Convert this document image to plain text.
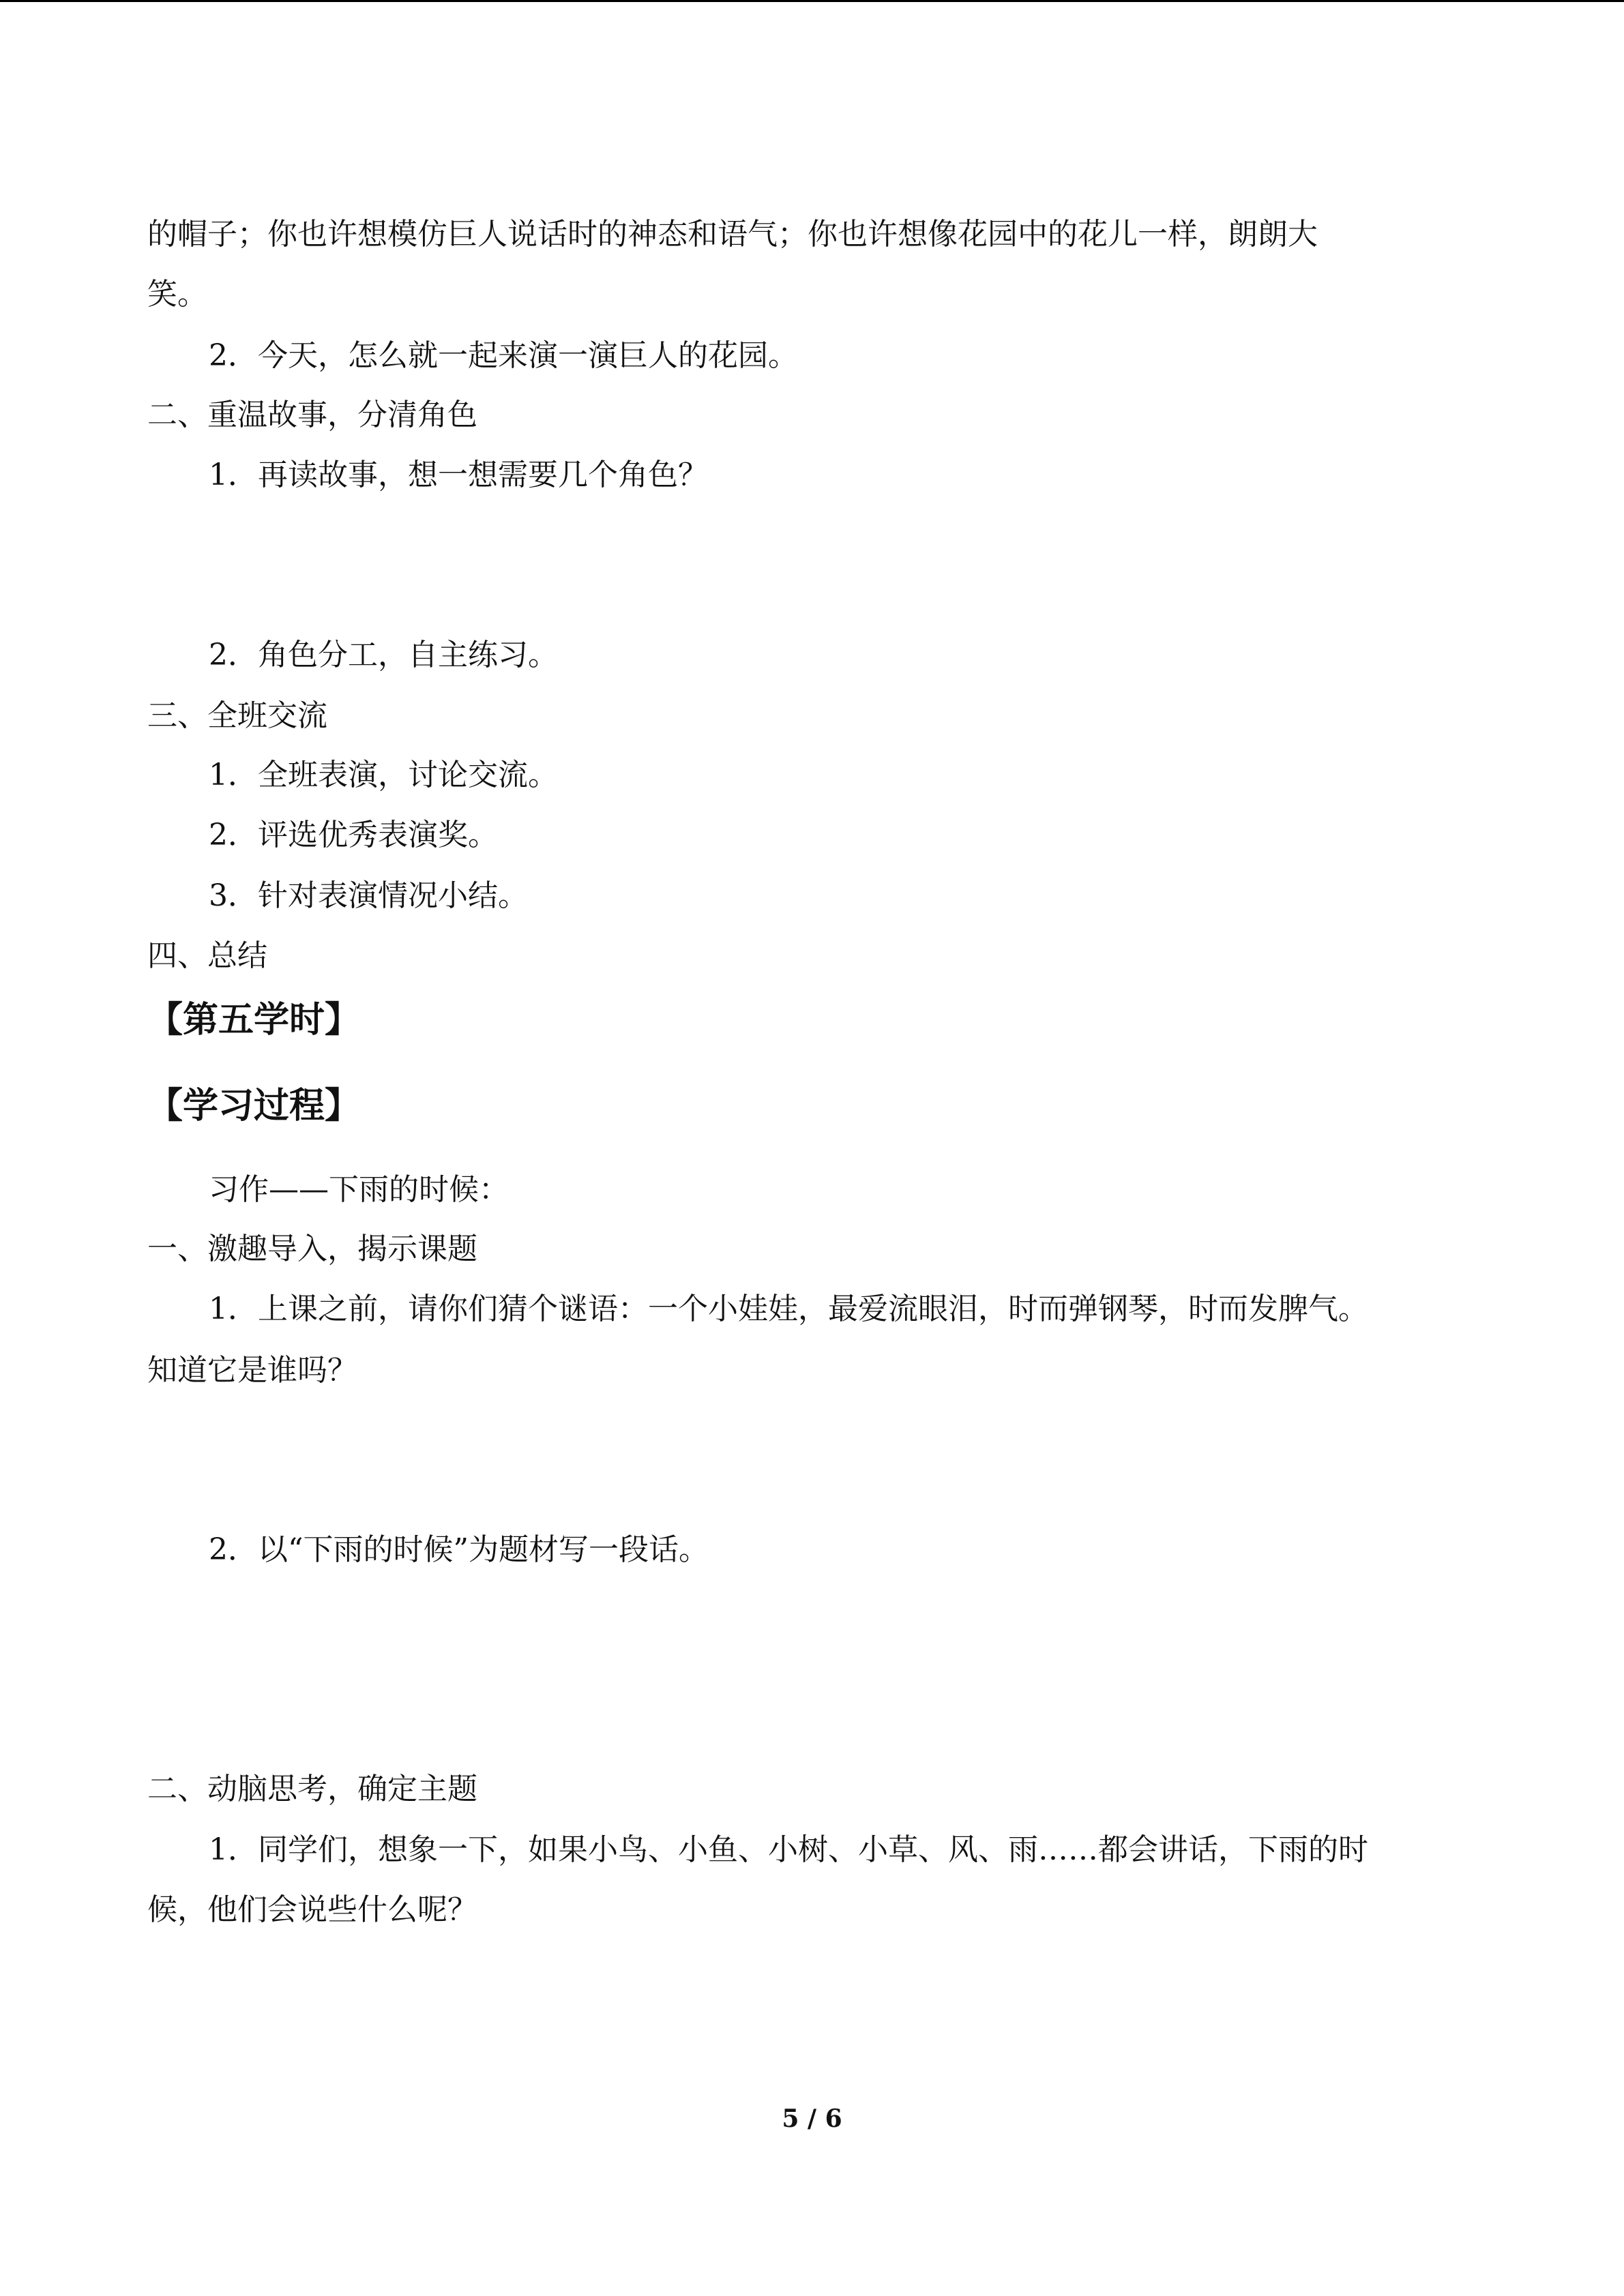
的帽子；你也许想模仿巨人说话时的神态和语气；你也许想像花园中的花儿一样，朗朗大
笑。
2．今天，怎么就一起来演一演巨人的花园。
二、重温故事，分清角色
1．再读故事，想一想需要几个角色？
2．角色分工，自主练习。
三、全班交流
1．全班表演，讨论交流。
2．评选优秀表演奖。
3．针对表演情况小结。
四、总结
【第五学时】
【学习过程】
习作——下雨的时候：
一、激趣导入，揭示课题
1．上课之前，请你们猜个谜语：一个小娃娃，最爱流眼泪，时而弹钢琴，时而发脾气。
知道它是谁吗？
2．以“下雨的时候”为题材写一段话。
二、动脑思考，确定主题
1．同学们，想象一下，如果小鸟、小鱼、小树、小草、风、雨……都会讲话，下雨的时
候，他们会说些什么呢？
5 / 6
